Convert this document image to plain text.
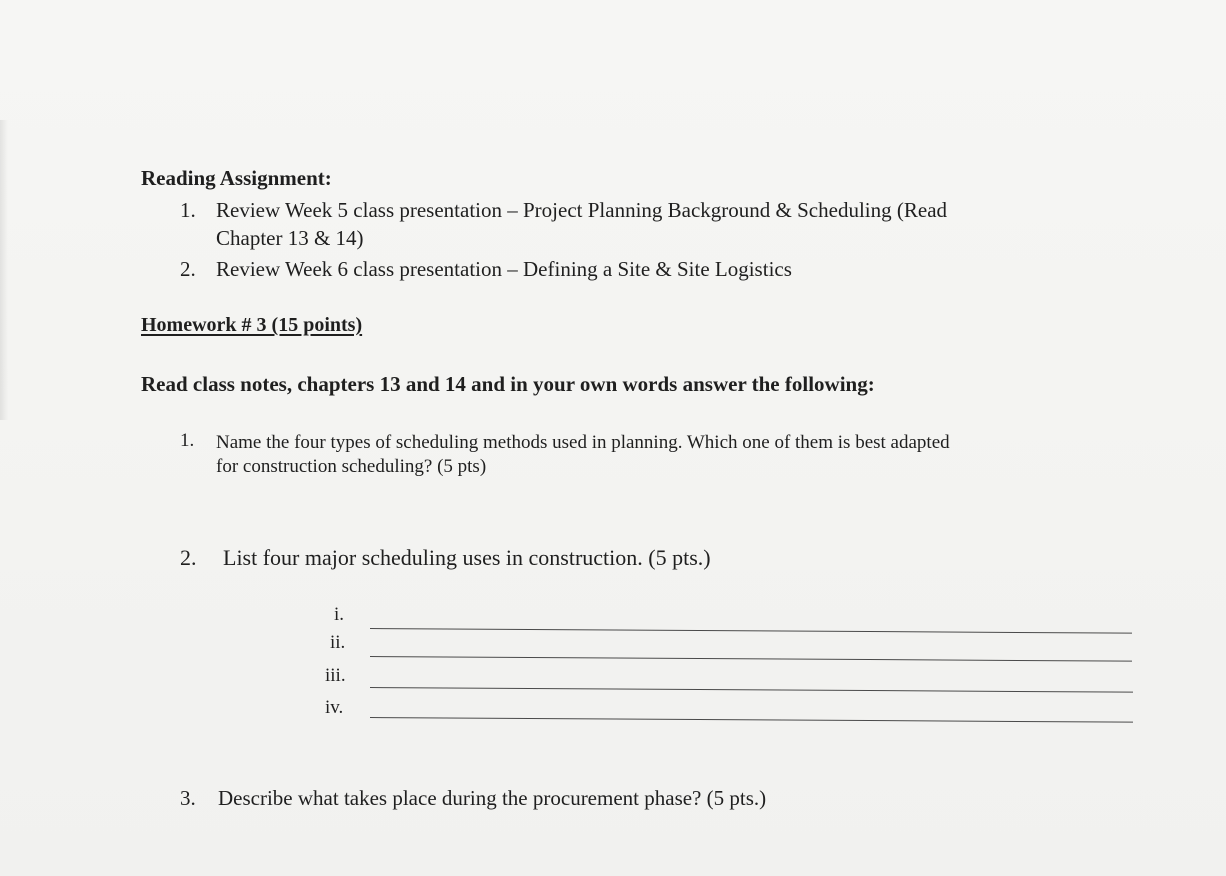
Reading Assignment:
1. Review Week 5 class presentation – Project Planning Background & Scheduling (Read
Chapter 13 & 14)
2. Review Week 6 class presentation – Defining a Site & Site Logistics
Homework # 3 (15 points)
Read class notes, chapters 13 and 14 and in your own words answer the following:
1. Name the four types of scheduling methods used in planning. Which one of them is best adapted
for construction scheduling? (5 pts)
2. List four major scheduling uses in construction. (5 pts.)
i.
ii.
iii.
iv.
3. Describe what takes place during the procurement phase? (5 pts.)
